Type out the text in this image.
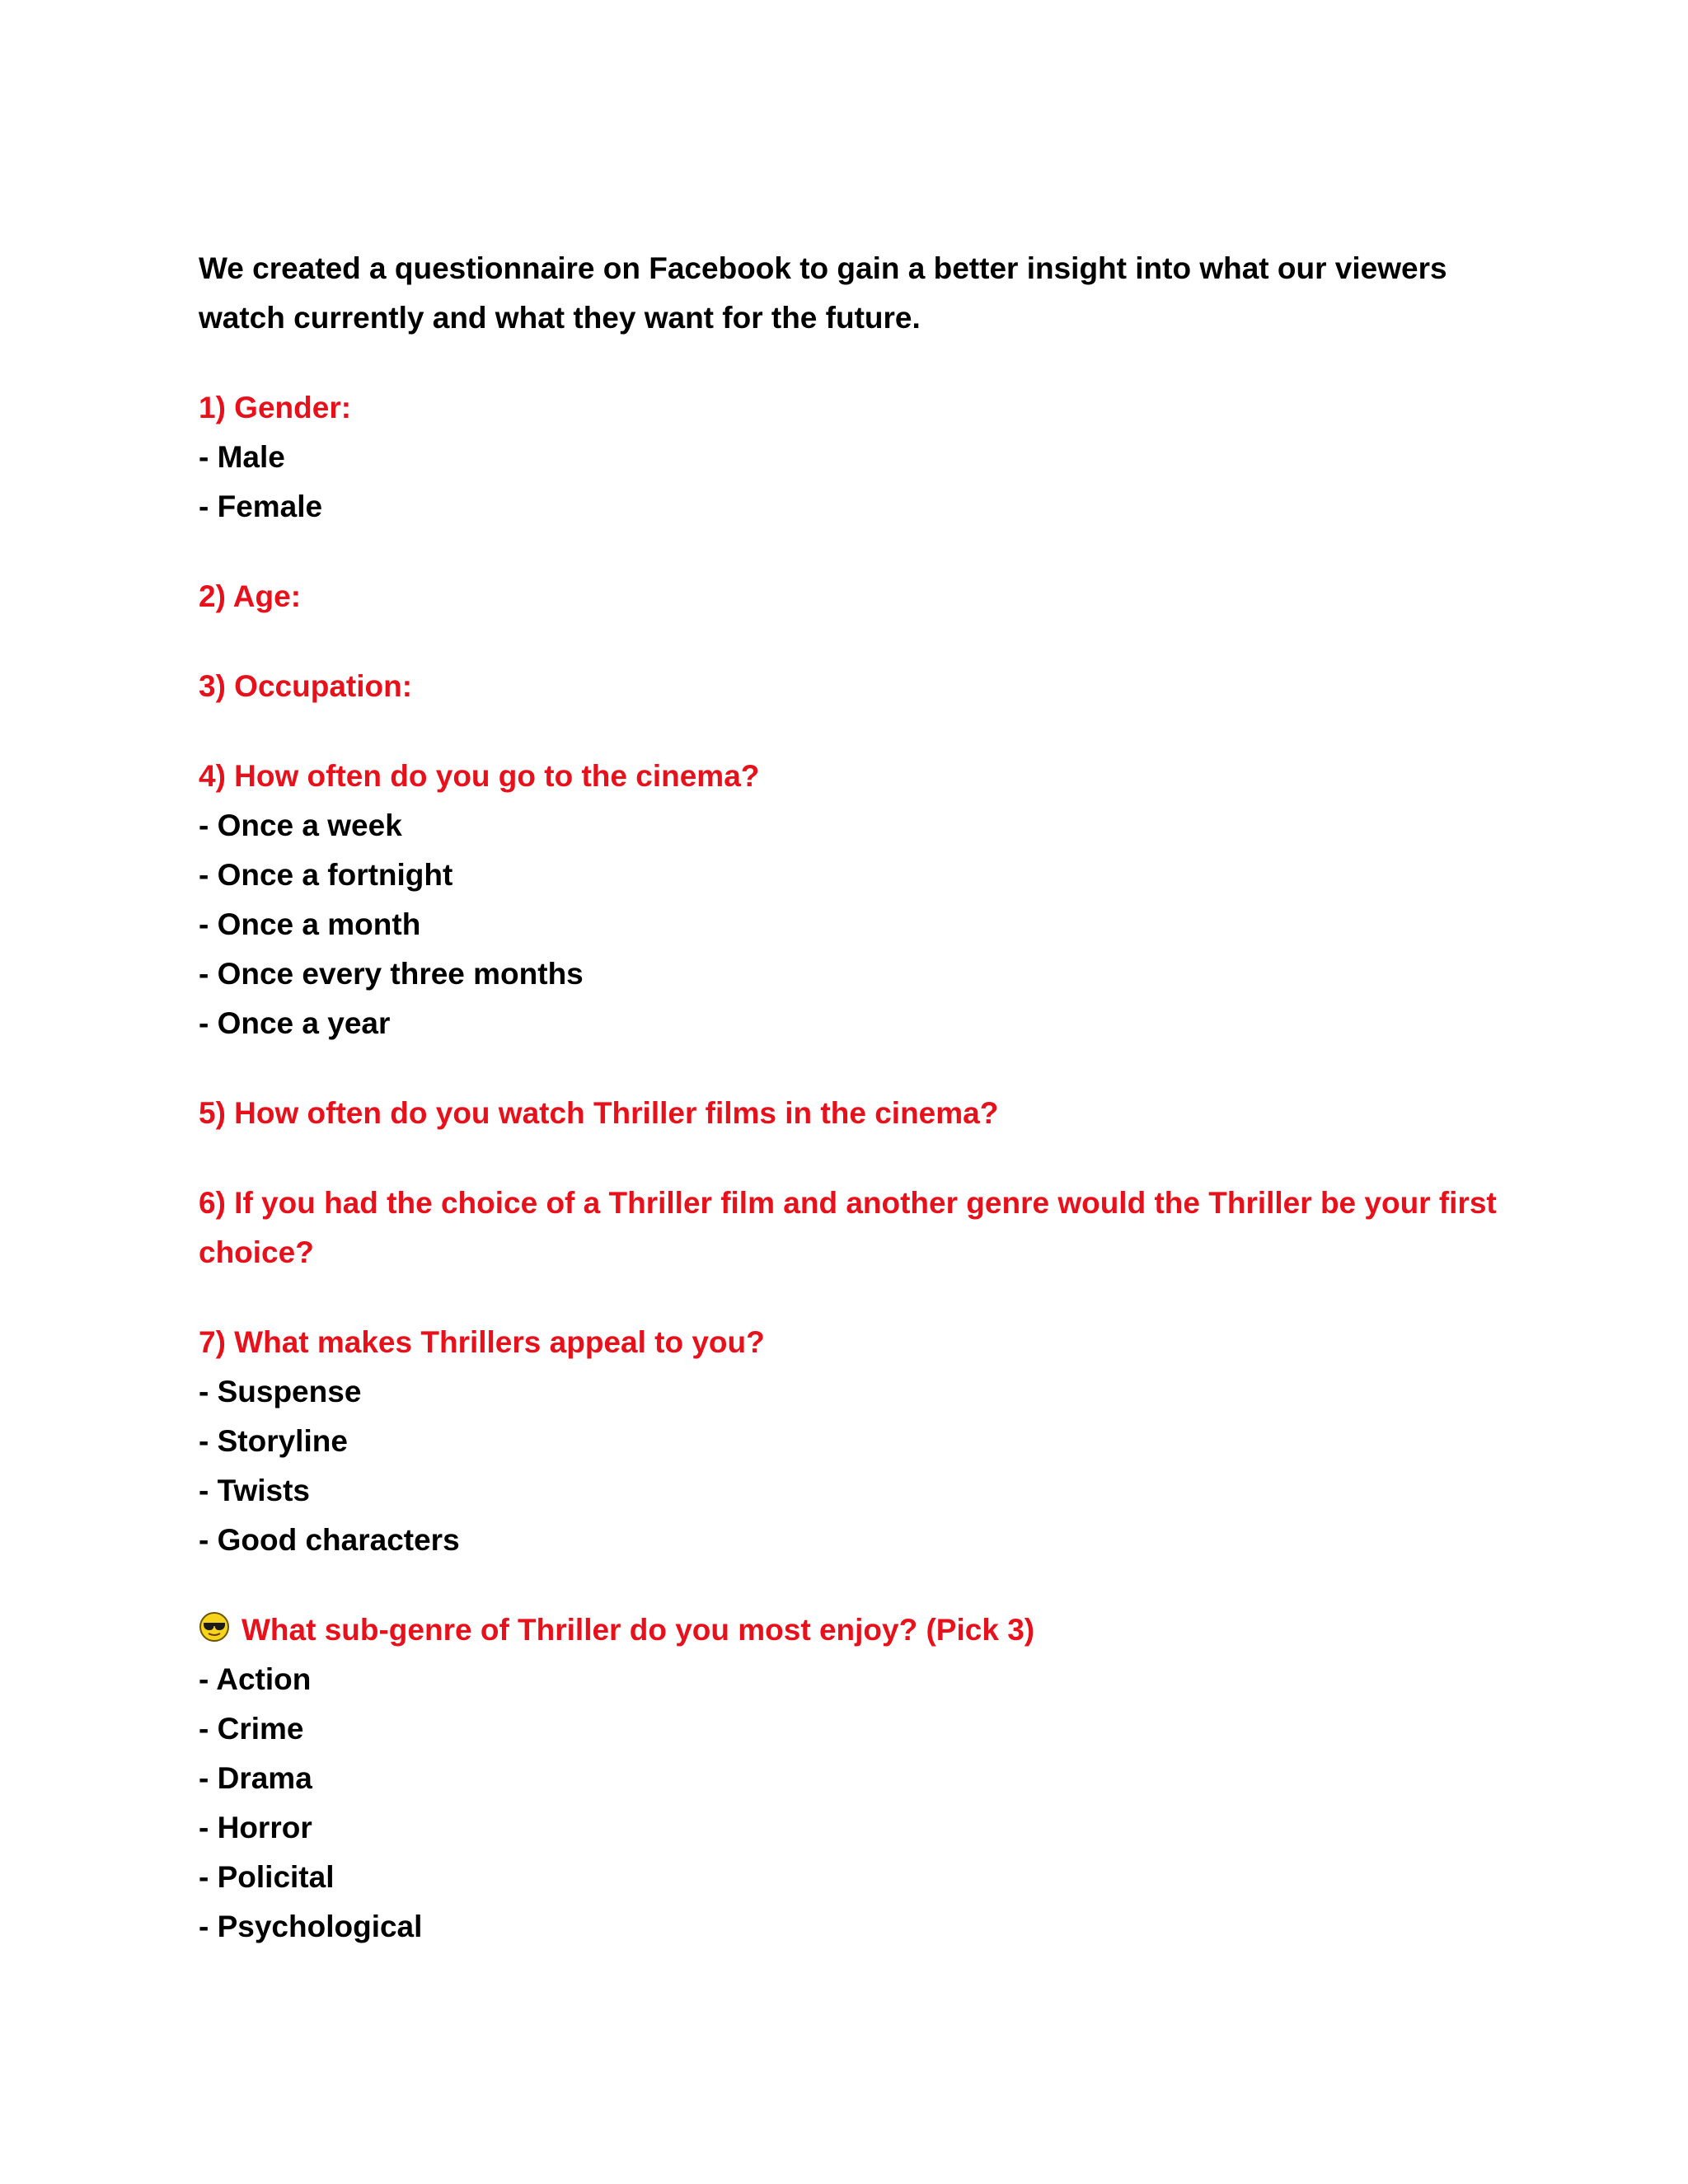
We created a questionnaire on Facebook to gain a better insight into what our viewers watch currently and what they want for the future.

1) Gender:

- Male
- Female

2) Age:

3) Occupation:

4) How often do you go to the cinema?

- Once a week
- Once a fortnight
- Once a month
- Once every three months
- Once a year

5) How often do you watch Thriller films in the cinema?

6) If you had the choice of a Thriller film and another genre would the Thriller be your first choice?

7) What makes Thrillers appeal to you?

- Suspense
- Storyline
- Twists
- Good characters

What sub-genre of Thriller do you most enjoy? (Pick 3)

- Action
- Crime
- Drama
- Horror
- Policital
- Psychological
